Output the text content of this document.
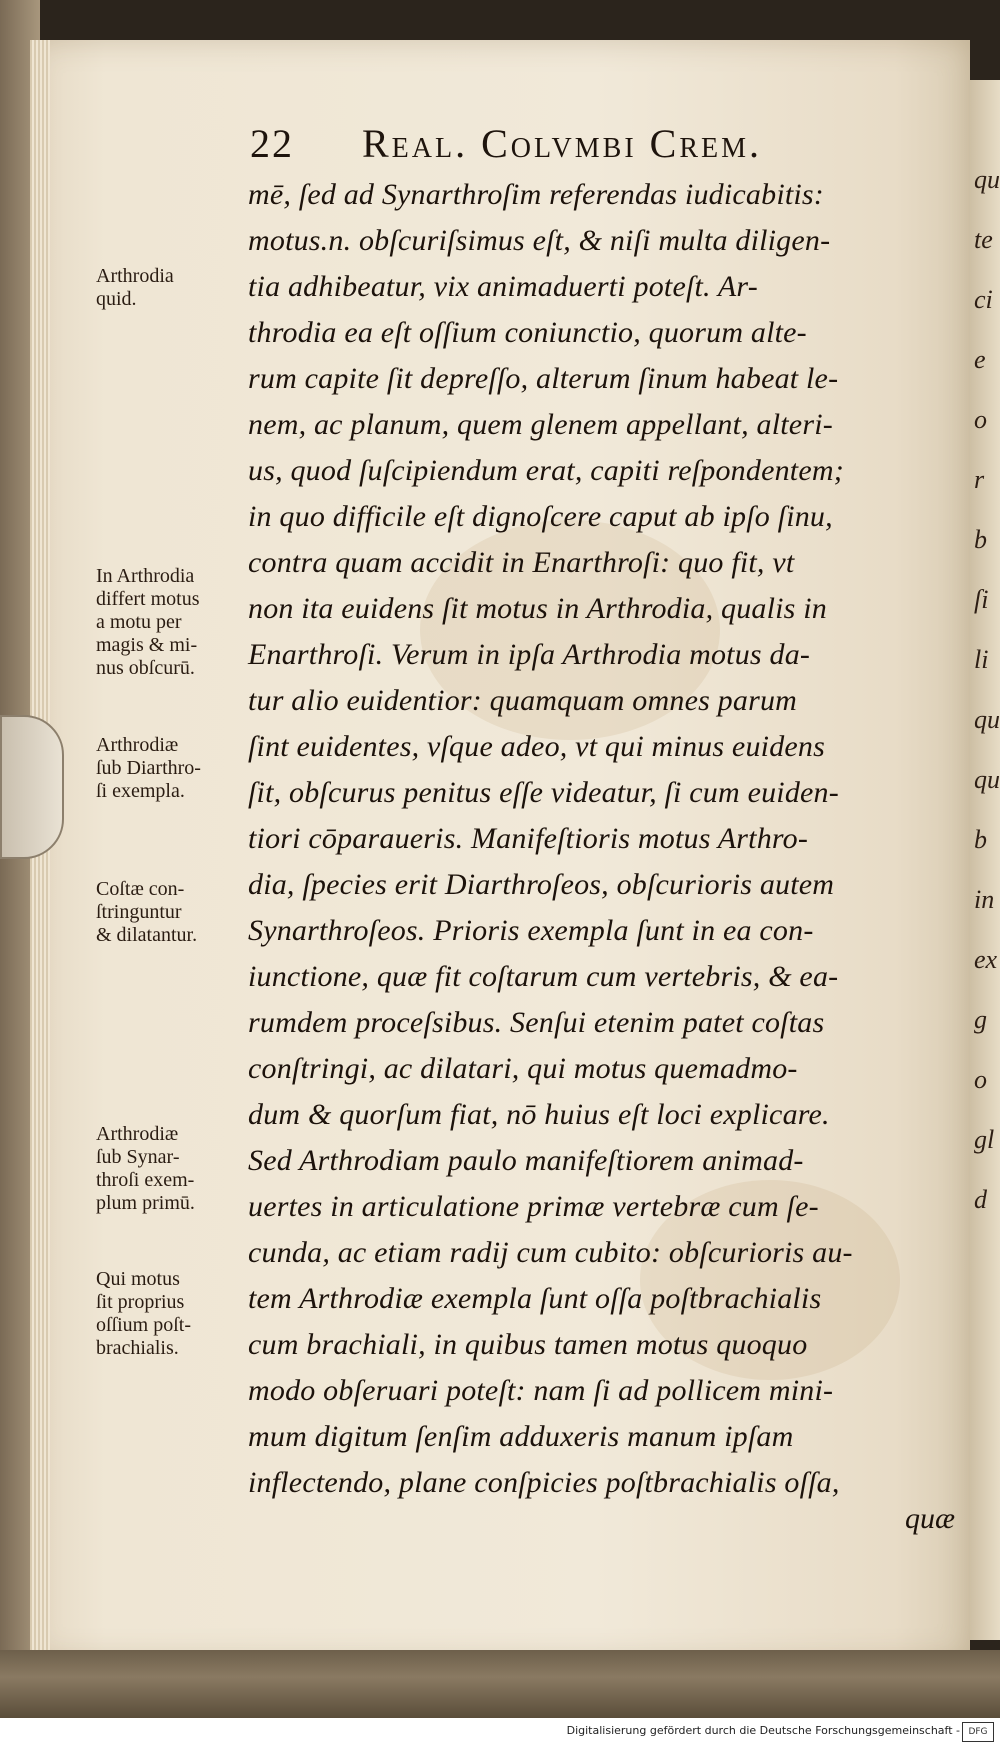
qu
te
ci
e
o
r
b
ſi
li
qu
qu
b
in
ex
g
o
gl
d
22 Real. Colvmbi Crem.
mē, ſed ad Synarthroſim referendas iudicabitis:
motus.n. obſcuriſsimus eſt, & niſi multa diligen-
tia adhibeatur, vix animaduerti poteſt. Ar-
throdia ea eſt oſſium coniunctio, quorum alte-
rum capite ſit depreſſo, alterum ſinum habeat le-
nem, ac planum, quem glenem appellant, alteri-
us, quod ſuſcipiendum erat, capiti reſpondentem;
in quo difficile eſt dignoſcere caput ab ipſo ſinu,
contra quam accidit in Enarthroſi: quo fit, vt
non ita euidens ſit motus in Arthrodia, qualis in
Enarthroſi. Verum in ipſa Arthrodia motus da-
tur alio euidentior: quamquam omnes parum
ſint euidentes, vſque adeo, vt qui minus euidens
ſit, obſcurus penitus eſſe videatur, ſi cum euiden-
tiori cōparaueris. Manifeſtioris motus Arthro-
dia, ſpecies erit Diarthroſeos, obſcurioris autem
Synarthroſeos. Prioris exempla ſunt in ea con-
iunctione, quæ fit coſtarum cum vertebris, & ea-
rumdem proceſsibus. Senſui etenim patet coſtas
conſtringi, ac dilatari, qui motus quemadmo-
dum & quorſum fiat, nō huius eſt loci explicare.
Sed Arthrodiam paulo manifeſtiorem animad-
uertes in articulatione primæ vertebræ cum ſe-
cunda, ac etiam radij cum cubito: obſcurioris au-
tem Arthrodiæ exempla ſunt oſſa poſtbrachialis
cum brachiali, in quibus tamen motus quoquo
modo obſeruari poteſt: nam ſi ad pollicem mini-
mum digitum ſenſim adduxeris manum ipſam
inflectendo, plane conſpicies poſtbrachialis oſſa,
quæ
Arthrodia
quid.
In Arthrodia
differt motus
a motu per
magis & mi-
nus obſcurū.
Arthrodiæ
ſub Diarthro-
ſi exempla.
Coſtæ con-
ſtringuntur
& dilatantur.
Arthrodiæ
ſub Synar-
throſi exem-
plum primū.
Qui motus
ſit proprius
oſſium poſt-
brachialis.
Digitalisierung gefördert durch die Deutsche Forschungsgemeinschaft - DFG
